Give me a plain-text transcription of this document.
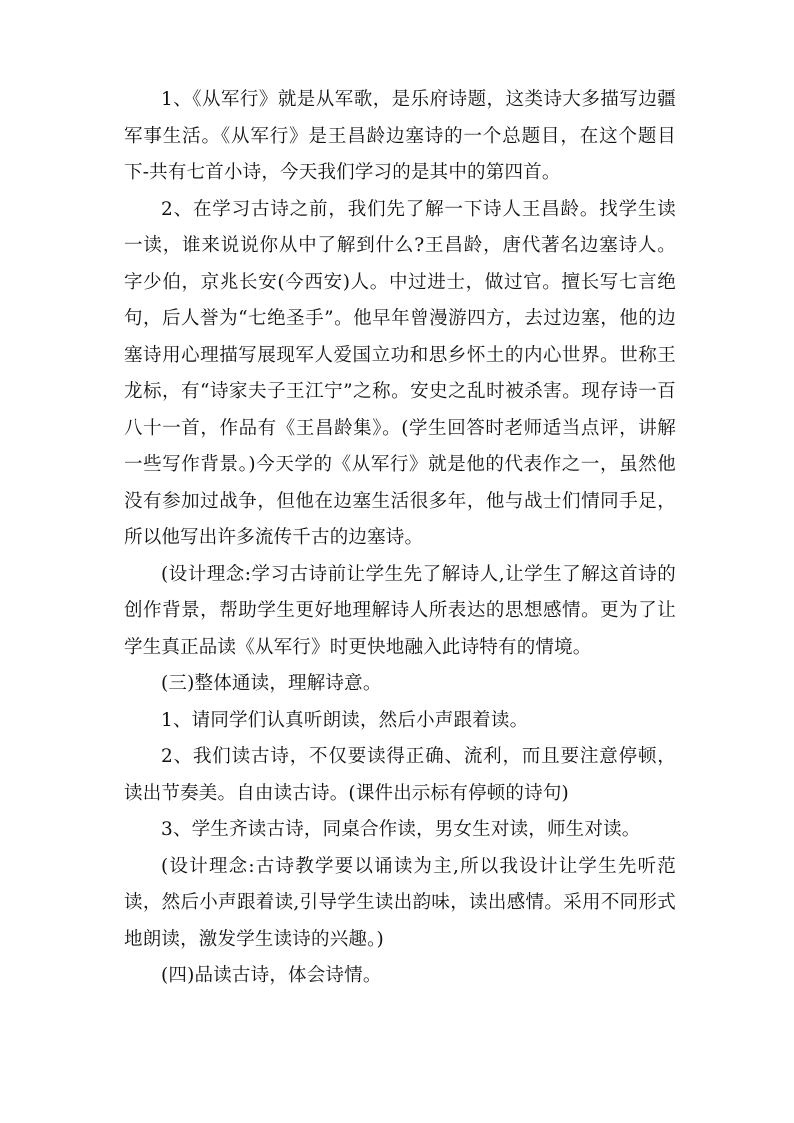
1、《从军行》就是从军歌，是乐府诗题，这类诗大多描写边疆军事生活。《从军行》是王昌龄边塞诗的一个总题目，在这个题目下-共有七首小诗，今天我们学习的是其中的第四首。

2、在学习古诗之前，我们先了解一下诗人王昌龄。找学生读一读，谁来说说你从中了解到什么?王昌龄，唐代著名边塞诗人。字少伯，京兆长安(今西安)人。中过进士，做过官。擅长写七言绝句，后人誉为“七绝圣手”。他早年曾漫游四方，去过边塞，他的边塞诗用心理描写展现军人爱国立功和思乡怀土的内心世界。世称王龙标，有“诗家夫子王江宁”之称。安史之乱时被杀害。现存诗一百八十一首，作品有《王昌龄集》。(学生回答时老师适当点评，讲解一些写作背景。)今天学的《从军行》就是他的代表作之一，虽然他没有参加过战争，但他在边塞生活很多年，他与战士们情同手足，所以他写出许多流传千古的边塞诗。

(设计理念:学习古诗前让学生先了解诗人,让学生了解这首诗的创作背景，帮助学生更好地理解诗人所表达的思想感情。更为了让学生真正品读《从军行》时更快地融入此诗特有的情境。

(三)整体通读，理解诗意。

1、请同学们认真听朗读，然后小声跟着读。

2、我们读古诗，不仅要读得正确、流利，而且要注意停顿，读出节奏美。自由读古诗。(课件出示标有停顿的诗句)

3、学生齐读古诗，同桌合作读，男女生对读，师生对读。

(设计理念:古诗教学要以诵读为主,所以我设计让学生先听范读，然后小声跟着读,引导学生读出韵味，读出感情。采用不同形式地朗读，激发学生读诗的兴趣。)

(四)品读古诗，体会诗情。
